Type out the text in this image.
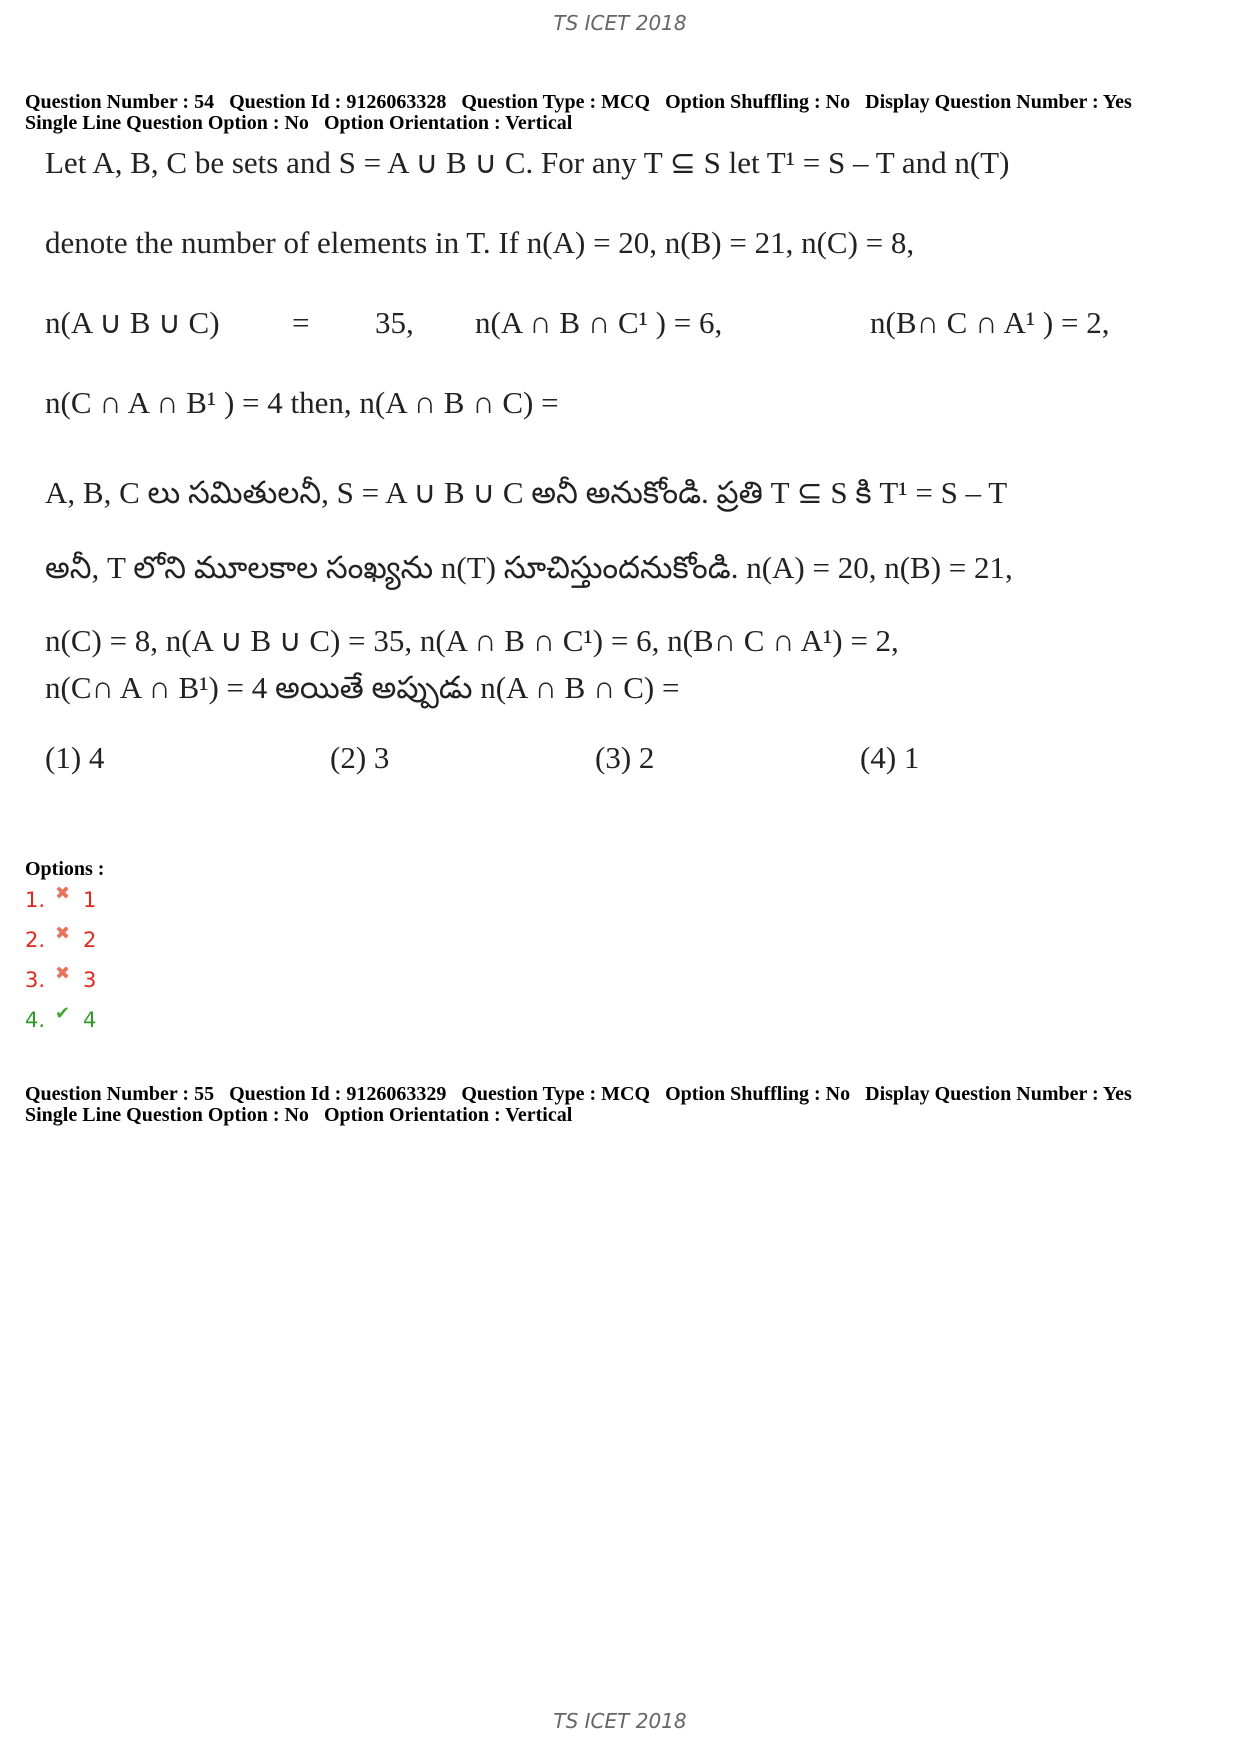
TS ICET 2018
Question Number : 54 Question Id : 9126063328 Question Type : MCQ Option Shuffling : No Display Question Number : Yes
Single Line Question Option : No Option Orientation : Vertical
Let A, B, C be sets and S = A ∪ B ∪ C. For any T ⊆ S let T¹ = S – T and n(T)
denote the number of elements in T. If n(A) = 20, n(B) = 21, n(C) = 8,
n(A ∪ B ∪ C) = 35, n(A ∩ B ∩ C¹ ) = 6,	n(B∩ C ∩ A¹ ) = 2,
n(C ∩ A ∩ B¹ ) = 4 then, n(A ∩ B ∩ C) =
A, B, C లు సమితులనీ, S = A ∪ B ∪ C అనీ అనుకోండి. ప్రతి T ⊆ S కి T¹ = S – T
అనీ, T లోని మూలకాల సంఖ్యను n(T) సూచిస్తుందనుకోండి. n(A) = 20, n(B) = 21,
n(C) = 8, n(A ∪ B ∪ C) = 35, n(A ∩ B ∩ C¹) = 6, n(B∩ C ∩ A¹) = 2,
n(C∩ A ∩ B¹) = 4 అయితే అప్పుడు n(A ∩ B ∩ C) =
(1) 4	(2) 3	(3) 2	(4) 1
Options :
1. ✖ 1
2. ✖ 2
3. ✖ 3
4. ✔ 4
Question Number : 55 Question Id : 9126063329 Question Type : MCQ Option Shuffling : No Display Question Number : Yes
Single Line Question Option : No Option Orientation : Vertical
TS ICET 2018
